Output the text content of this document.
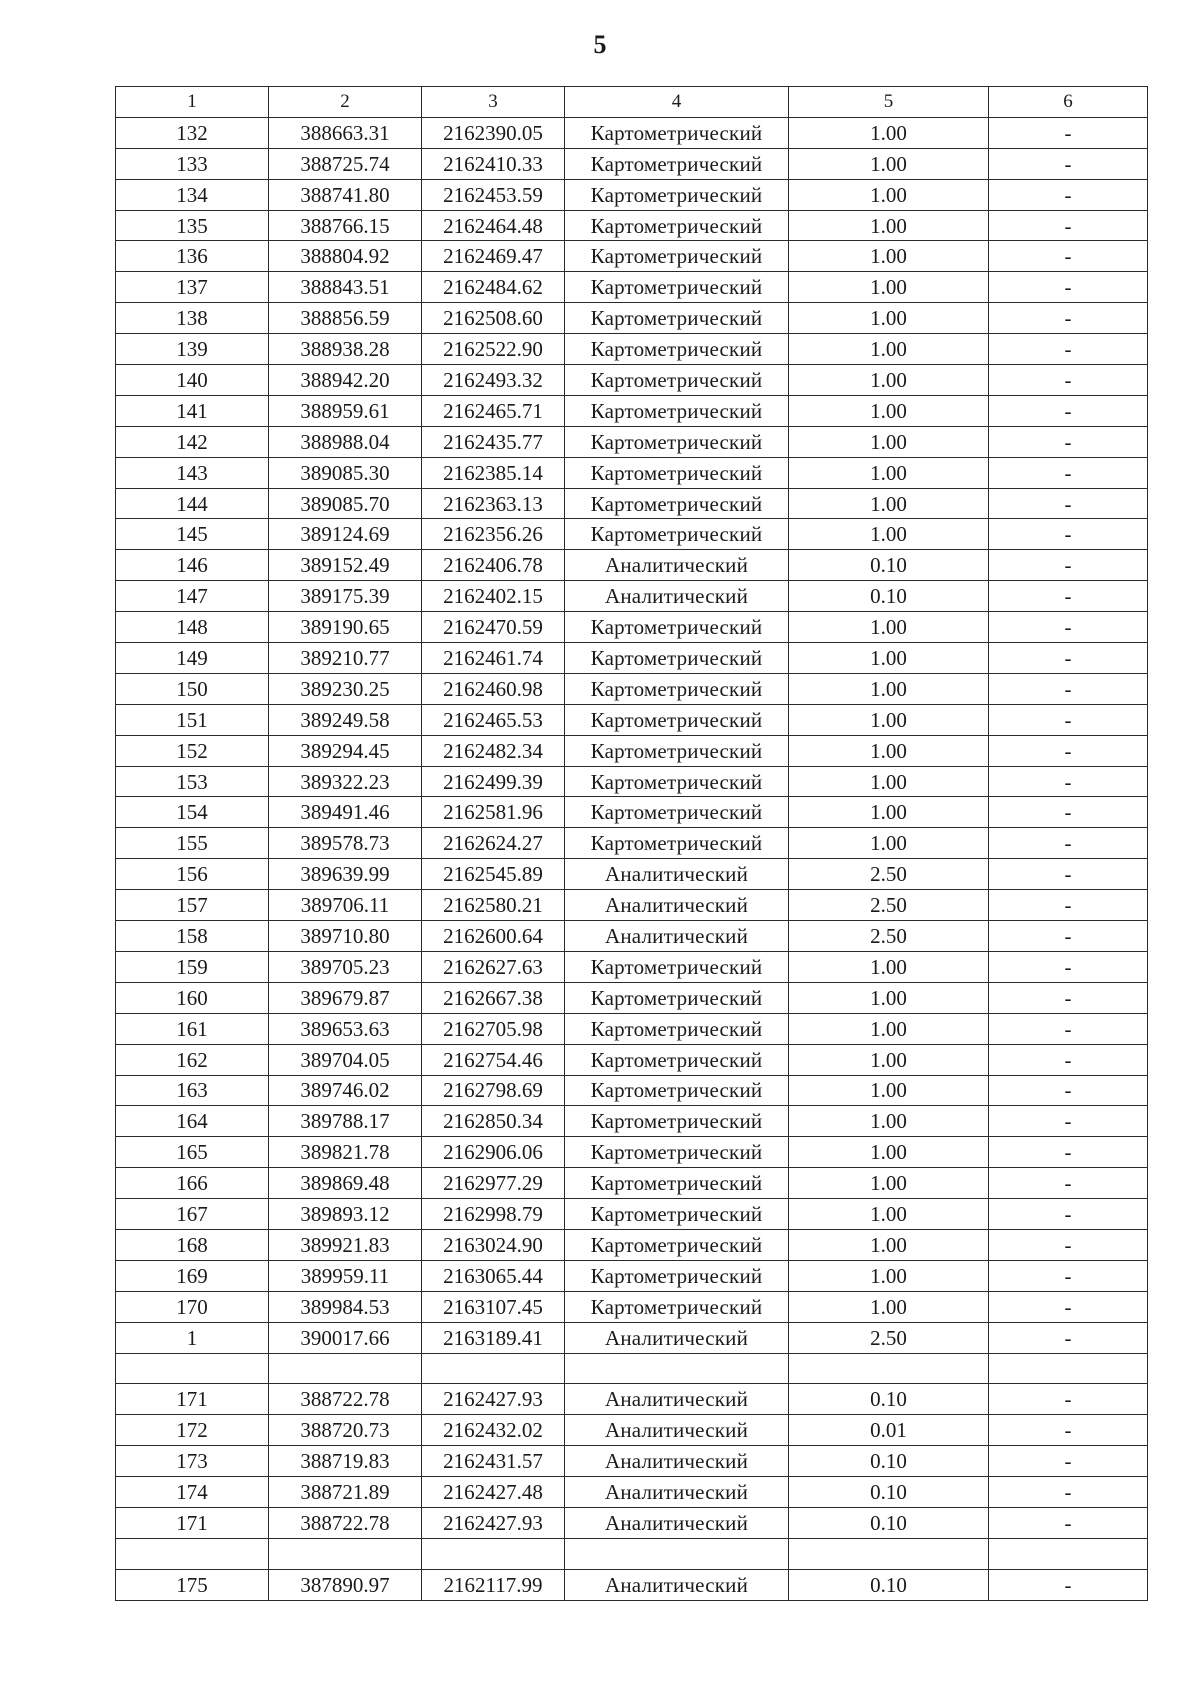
5
1	2	3	4	5	6
132	388663.31	2162390.05	Картометрический	1.00	-
133	388725.74	2162410.33	Картометрический	1.00	-
134	388741.80	2162453.59	Картометрический	1.00	-
135	388766.15	2162464.48	Картометрический	1.00	-
136	388804.92	2162469.47	Картометрический	1.00	-
137	388843.51	2162484.62	Картометрический	1.00	-
138	388856.59	2162508.60	Картометрический	1.00	-
139	388938.28	2162522.90	Картометрический	1.00	-
140	388942.20	2162493.32	Картометрический	1.00	-
141	388959.61	2162465.71	Картометрический	1.00	-
142	388988.04	2162435.77	Картометрический	1.00	-
143	389085.30	2162385.14	Картометрический	1.00	-
144	389085.70	2162363.13	Картометрический	1.00	-
145	389124.69	2162356.26	Картометрический	1.00	-
146	389152.49	2162406.78	Аналитический	0.10	-
147	389175.39	2162402.15	Аналитический	0.10	-
148	389190.65	2162470.59	Картометрический	1.00	-
149	389210.77	2162461.74	Картометрический	1.00	-
150	389230.25	2162460.98	Картометрический	1.00	-
151	389249.58	2162465.53	Картометрический	1.00	-
152	389294.45	2162482.34	Картометрический	1.00	-
153	389322.23	2162499.39	Картометрический	1.00	-
154	389491.46	2162581.96	Картометрический	1.00	-
155	389578.73	2162624.27	Картометрический	1.00	-
156	389639.99	2162545.89	Аналитический	2.50	-
157	389706.11	2162580.21	Аналитический	2.50	-
158	389710.80	2162600.64	Аналитический	2.50	-
159	389705.23	2162627.63	Картометрический	1.00	-
160	389679.87	2162667.38	Картометрический	1.00	-
161	389653.63	2162705.98	Картометрический	1.00	-
162	389704.05	2162754.46	Картометрический	1.00	-
163	389746.02	2162798.69	Картометрический	1.00	-
164	389788.17	2162850.34	Картометрический	1.00	-
165	389821.78	2162906.06	Картометрический	1.00	-
166	389869.48	2162977.29	Картометрический	1.00	-
167	389893.12	2162998.79	Картометрический	1.00	-
168	389921.83	2163024.90	Картометрический	1.00	-
169	389959.11	2163065.44	Картометрический	1.00	-
170	389984.53	2163107.45	Картометрический	1.00	-
1	390017.66	2163189.41	Аналитический	2.50	-

171	388722.78	2162427.93	Аналитический	0.10	-
172	388720.73	2162432.02	Аналитический	0.01	-
173	388719.83	2162431.57	Аналитический	0.10	-
174	388721.89	2162427.48	Аналитический	0.10	-
171	388722.78	2162427.93	Аналитический	0.10	-

175	387890.97	2162117.99	Аналитический	0.10	-
